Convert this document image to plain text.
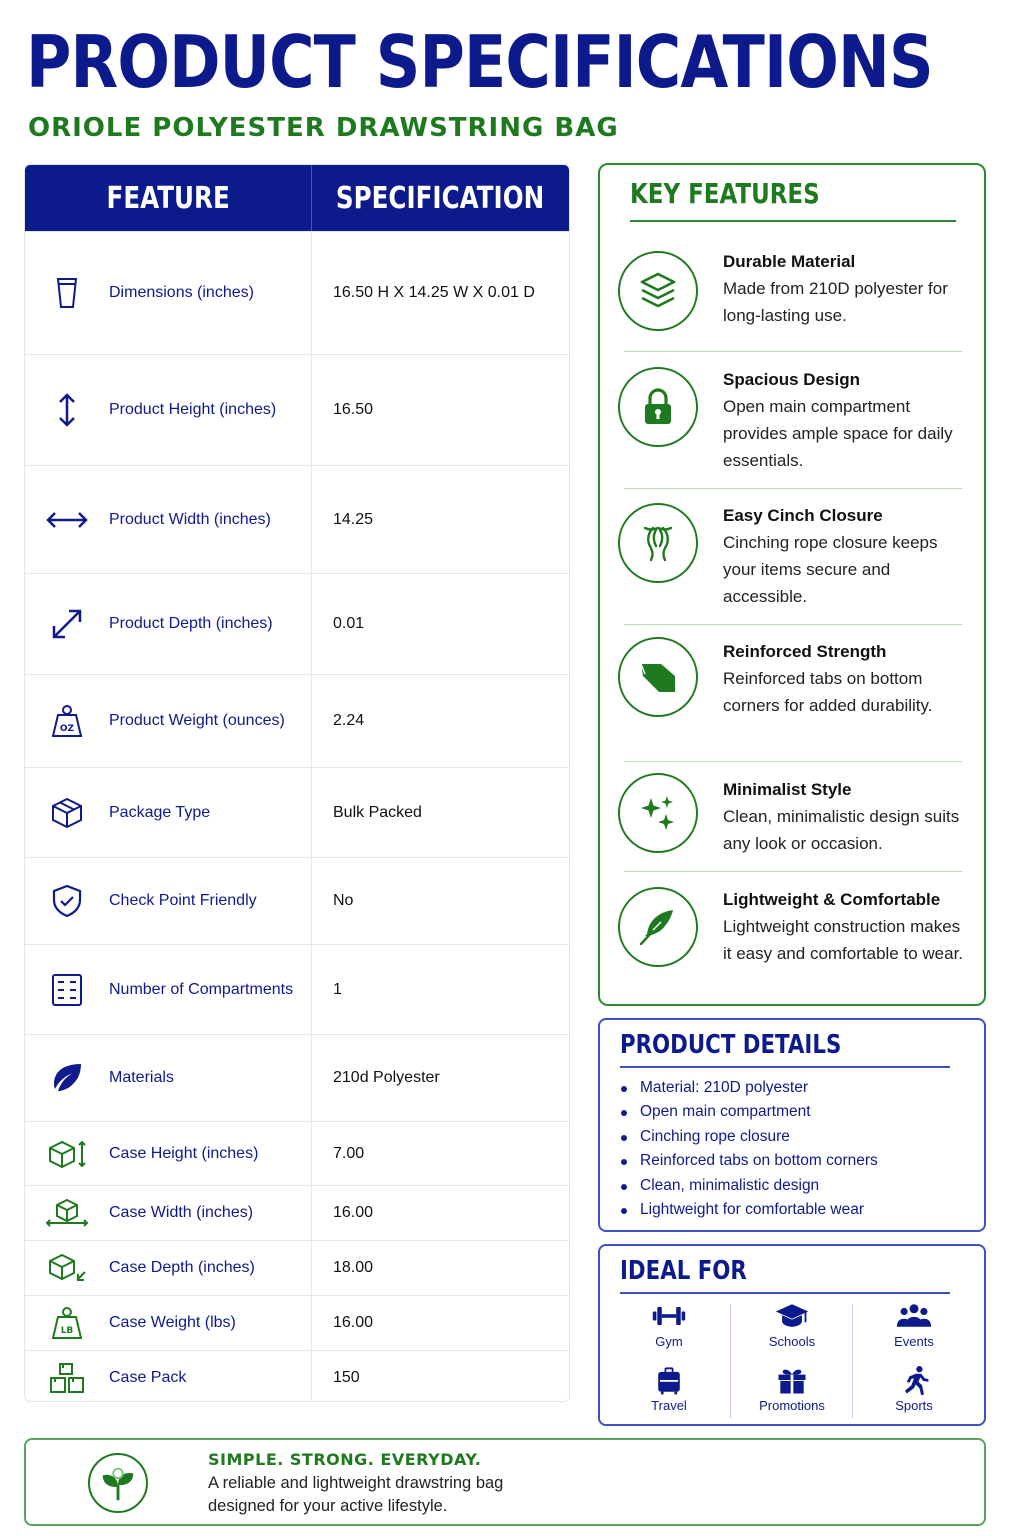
PRODUCT SPECIFICATIONS
ORIOLE POLYESTER DRAWSTRING BAG
FEATURE	SPECIFICATION
Dimensions (inches)	16.50 H X 14.25 W X 0.01 D
Product Height (inches)	16.50
Product Width (inches)	14.25
Product Depth (inches)	0.01
OZ Product Weight (ounces)	2.24
Package Type	Bulk Packed
Check Point Friendly	No
Number of Compartments	1
Materials	210d Polyester
Case Height (inches)	7.00
Case Width (inches)	16.00
Case Depth (inches)	18.00
LB Case Weight (lbs)	16.00
Case Pack	150
KEY FEATURES
Durable Material
Made from 210D polyester for long-lasting use.
Spacious Design
Open main compartment provides ample space for daily essentials.
Easy Cinch Closure
Cinching rope closure keeps your items secure and accessible.
Reinforced Strength
Reinforced tabs on bottom corners for added durability.
Minimalist Style
Clean, minimalistic design suits any look or occasion.
Lightweight & Comfortable
Lightweight construction makes it easy and comfortable to wear.
PRODUCT DETAILS
Material: 210D polyester
Open main compartment
Cinching rope closure
Reinforced tabs on bottom corners
Clean, minimalistic design
Lightweight for comfortable wear
IDEAL FOR
Gym	Schools	Events
Travel	Promotions	Sports
SIMPLE. STRONG. EVERYDAY.
A reliable and lightweight drawstring bag designed for your active lifestyle.
